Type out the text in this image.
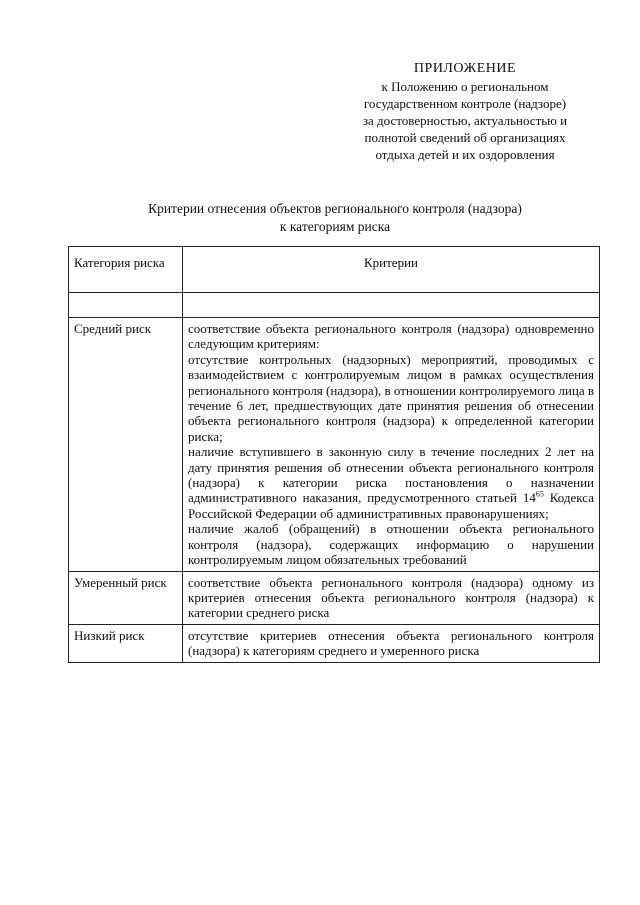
ПРИЛОЖЕНИЕ
к Положению о региональном
государственном контроле (надзоре)
за достоверностью, актуальностью и
полнотой сведений об организациях
отдыха детей и их оздоровления
Критерии отнесения объектов регионального контроля (надзора)
к категориям риска
Категория риска	Критерии

Средний риск	соответствие объекта регионального контроля (надзора) одновременно следующим критериям:
отсутствие контрольных (надзорных) мероприятий, проводимых с взаимодействием с контролируемым лицом в рамках осуществления регионального контроля (надзора), в отношении контролируемого лица в течение 6 лет, предшествующих дате принятия решения об отнесении объекта регионального контроля (надзора) к определенной категории риска;
наличие вступившего в законную силу в течение последних 2 лет на дату принятия решения об отнесении объекта регионального контроля (надзора) к категории риска постановления о назначении административного наказания, предусмотренного статьей $14^{65}$ Кодекса Российской Федерации об административных правонарушениях;
наличие жалоб (обращений) в отношении объекта регионального контроля (надзора), содержащих информацию о нарушении контролируемым лицом обязательных требований

Умеренный риск	соответствие объекта регионального контроля (надзора) одному из критериев отнесения объекта регионального контроля (надзора) к категории среднего риска

Низкий риск	отсутствие критериев отнесения объекта регионального контроля (надзора) к категориям среднего и умеренного риска
